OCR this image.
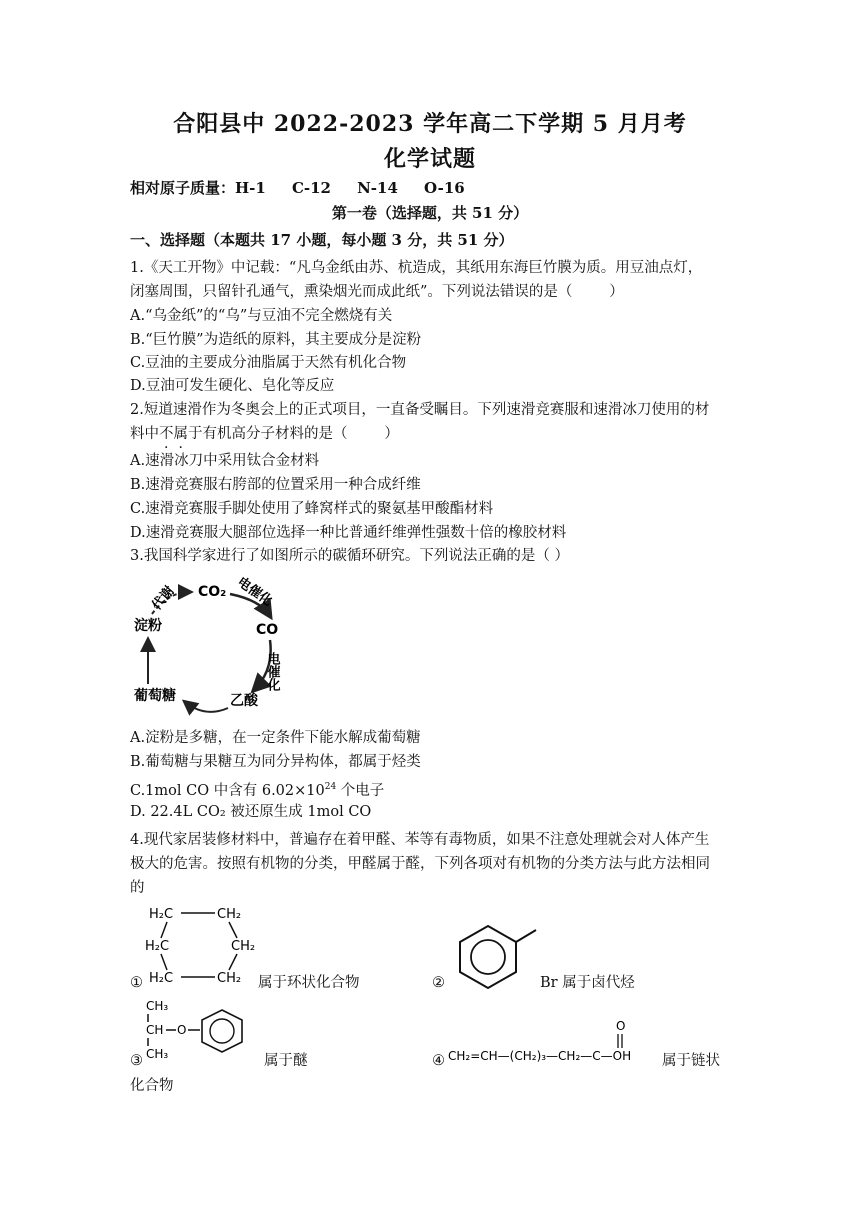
合阳县中 2022-2023 学年高二下学期 5 月月考
化学试题
相对原子质量：H-1     C-12     N-14     O-16
第一卷（选择题，共 51 分）
一、选择题（本题共 17 小题，每小题 3 分，共 51 分）
1.《天工开物》中记载：“凡乌金纸由苏、杭造成，其纸用东海巨竹膜为质。用豆油点灯，
闭塞周围，只留针孔通气，熏染烟光而成此纸”。下列说法错误的是（        ）
A.“乌金纸”的“乌”与豆油不完全燃烧有关
B.“巨竹膜”为造纸的原料，其主要成分是淀粉
C.豆油的主要成分油脂属于天然有机化合物
D.豆油可发生硬化、皂化等反应
2.短道速滑作为冬奥会上的正式项目，一直备受瞩目。下列速滑竞赛服和速滑冰刀使用的材
料中不属于有机高分子材料的是（        ）
A.速滑冰刀中采用钛合金材料
B.速滑竞赛服右胯部的位置采用一种合成纤维
C.速滑竞赛服手脚处使用了蜂窝样式的聚氨基甲酸酯材料
D.速滑竞赛服大腿部位选择一种比普通纤维弹性强数十倍的橡胶材料
3.我国科学家进行了如图所示的碳循环研究。下列说法正确的是（ ）
代谢 CO₂ 电催化
CO
电催化
乙酸
葡萄糖
淀粉
A.淀粉是多糖，在一定条件下能水解成葡萄糖
B.葡萄糖与果糖互为同分异构体，都属于烃类
C.1mol CO 中含有 $6.02\times 10^{24}$ 个电子
D. 22.4L CO₂ 被还原生成 1mol CO
4.现代家居装修材料中，普遍存在着甲醛、苯等有毒物质，如果不注意处理就会对人体产生
极大的危害。按照有机物的分类，甲醛属于醛，下列各项对有机物的分类方法与此方法相同
的
①
H₂C	CH₂
H₂C	CH₂
H₂C	CH₂ 属于环状化合物	②	Br 属于卤代烃
③
CH₃
CH O
CH₃	属于醚	④
O
CH₂=CH—(CH₂)₃—CH₂—C—OH 属于链状
化合物
